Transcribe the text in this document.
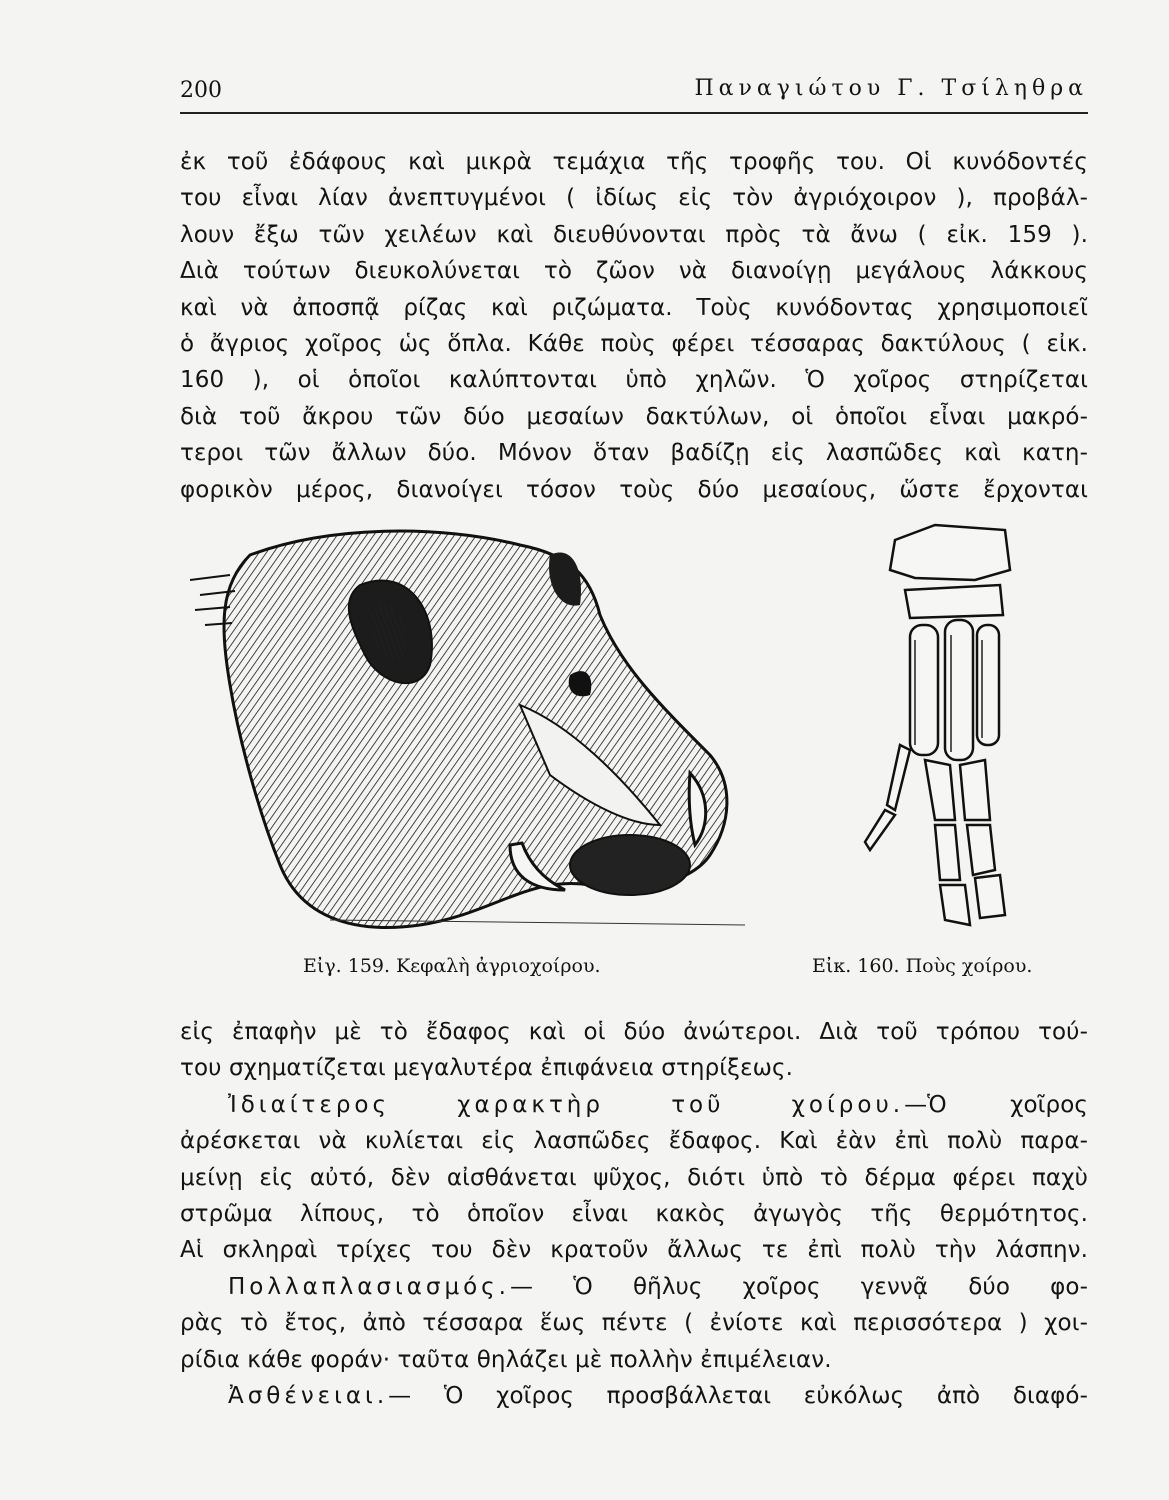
200	Παναγιώτου Γ. Τσίληθρα
ἐκ τοῦ ἐδάφους καὶ μικρὰ τεμάχια τῆς τροφῆς του. Οἱ κυνόδοντές
του εἶναι λίαν ἀνεπτυγμένοι ( ἰδίως εἰς τὸν ἀγριόχοιρον ), προβάλ-
λουν ἔξω τῶν χειλέων καὶ διευθύνονται πρὸς τὰ ἄνω ( εἰκ. 159 ).
Διὰ τούτων διευκολύνεται τὸ ζῶον νὰ διανοίγῃ μεγάλους λάκκους
καὶ νὰ ἀποσπᾷ ρίζας καὶ ριζώματα. Τοὺς κυνόδοντας χρησιμοποιεῖ
ὁ ἄγριος χοῖρος ὡς ὅπλα. Κάθε ποὺς φέρει τέσσαρας δακτύλους ( εἰκ.
160 ), οἱ ὁποῖοι καλύπτονται ὑπὸ χηλῶν. Ὁ χοῖρος στηρίζεται
διὰ τοῦ ἄκρου τῶν δύο μεσαίων δακτύλων, οἱ ὁποῖοι εἶναι μακρό-
τεροι τῶν ἄλλων δύο. Μόνον ὅταν βαδίζῃ εἰς λασπῶδες καὶ κατη-
φορικὸν μέρος, διανοίγει τόσον τοὺς δύο μεσαίους, ὥστε ἔρχονται
Εἰγ. 159. Κεφαλὴ ἀγριοχοίρου.	Εἰκ. 160. Ποὺς χοίρου.
εἰς ἐπαφὴν μὲ τὸ ἔδαφος καὶ οἱ δύο ἀνώτεροι. Διὰ τοῦ τρόπου τού-
του σχηματίζεται μεγαλυτέρα ἐπιφάνεια στηρίξεως.
Ἰδιαίτερος χαρακτὴρ τοῦ χοίρου.—Ὁ χοῖρος
ἀρέσκεται νὰ κυλίεται εἰς λασπῶδες ἔδαφος. Καὶ ἐὰν ἐπὶ πολὺ παρα-
μείνῃ εἰς αὐτό, δὲν αἰσθάνεται ψῦχος, διότι ὑπὸ τὸ δέρμα φέρει παχὺ
στρῶμα λίπους, τὸ ὁποῖον εἶναι κακὸς ἀγωγὸς τῆς θερμότητος.
Αἱ σκληραὶ τρίχες του δὲν κρατοῦν ἄλλως τε ἐπὶ πολὺ τὴν λάσπην.
Πολλαπλασιασμός.— Ὁ θῆλυς χοῖρος γεννᾷ δύο φο-
ρὰς τὸ ἔτος, ἀπὸ τέσσαρα ἕως πέντε ( ἐνίοτε καὶ περισσότερα ) χοι-
ρίδια κάθε φοράν· ταῦτα θηλάζει μὲ πολλὴν ἐπιμέλειαν.
Ἀσθένειαι.— Ὁ χοῖρος προσβάλλεται εὐκόλως ἀπὸ διαφό-
